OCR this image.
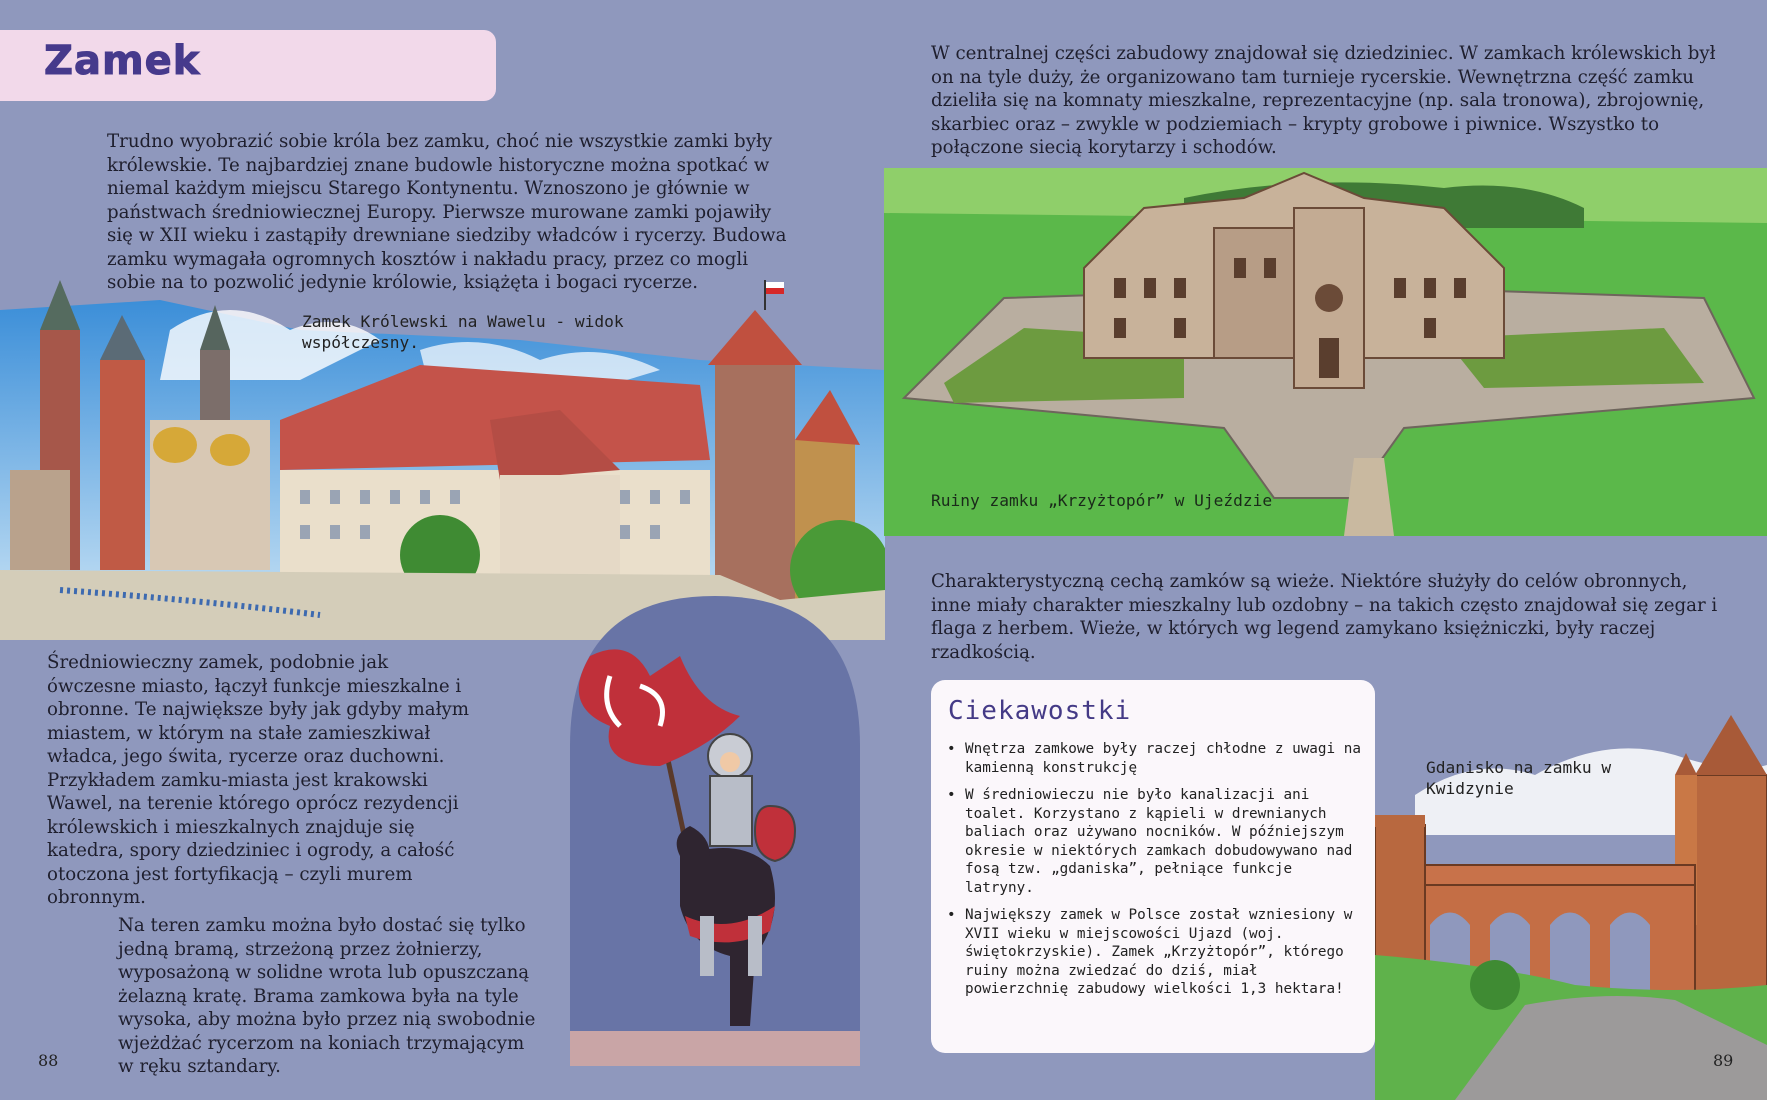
Zamek

Trudno wyobrazić sobie króla bez zamku, choć nie wszystkie zamki były królewskie. Te najbardziej znane budowle historyczne można spotkać w niemal każdym miejscu Starego Kontynentu. Wznoszono je głównie w państwach średniowiecznej Europy. Pierwsze murowane zamki pojawiły się w XII wieku i zastąpiły drewniane siedziby władców i rycerzy. Budowa zamku wymagała ogromnych kosztów i nakładu pracy, przez co mogli sobie na to pozwolić jedynie królowie, książęta i bogaci rycerze.

Zamek Królewski na Wawelu - widok współczesny.

Średniowieczny zamek, podobnie jak ówczesne miasto, łączył funkcje mieszkalne i obronne. Te największe były jak gdyby małym miastem, w którym na stałe zamieszkiwał władca, jego świta, rycerze oraz duchowni. Przykładem zamku-miasta jest krakowski Wawel, na terenie którego oprócz rezydencji królewskich i mieszkalnych znajduje się katedra, spory dziedziniec i ogrody, a całość otoczona jest fortyfikacją – czyli murem obronnym.

Na teren zamku można było dostać się tylko jedną bramą, strzeżoną przez żołnierzy, wyposażoną w solidne wrota lub opuszczaną żelazną kratę. Brama zamkowa była na tyle wysoka, aby można było przez nią swobodnie wjeżdżać rycerzom na koniach trzymającym w ręku sztandary.

88

W centralnej części zabudowy znajdował się dziedziniec. W zamkach królewskich był on na tyle duży, że organizowano tam turnieje rycerskie. Wewnętrzna część zamku dzieliła się na komnaty mieszkalne, reprezentacyjne (np. sala tronowa), zbrojownię, skarbiec oraz – zwykle w podziemiach – krypty grobowe i piwnice. Wszystko to połączone siecią korytarzy i schodów.

Ruiny zamku „Krzyżtopór” w Ujeździe

Charakterystyczną cechą zamków są wieże. Niektóre służyły do celów obronnych, inne miały charakter mieszkalny lub ozdobny – na takich często znajdował się zegar i flaga z herbem. Wieże, w których wg legend zamykano księżniczki, były raczej rzadkością.

Ciekawostki
• Wnętrza zamkowe były raczej chłodne z uwagi na kamienną konstrukcję
• W średniowieczu nie było kanalizacji ani toalet. Korzystano z kąpieli w drewnianych baliach oraz używano nocników. W późniejszym okresie w niektórych zamkach dobudowywano nad fosą tzw. „gdaniska”, pełniące funkcje latryny.
• Największy zamek w Polsce został wzniesiony w XVII wieku w miejscowości Ujazd (woj. świętokrzyskie). Zamek „Krzyżtopór”, którego ruiny można zwiedzać do dziś, miał powierzchnię zabudowy wielkości 1,3 hektara!
Gdanisko na zamku w Kwidzynie
89
